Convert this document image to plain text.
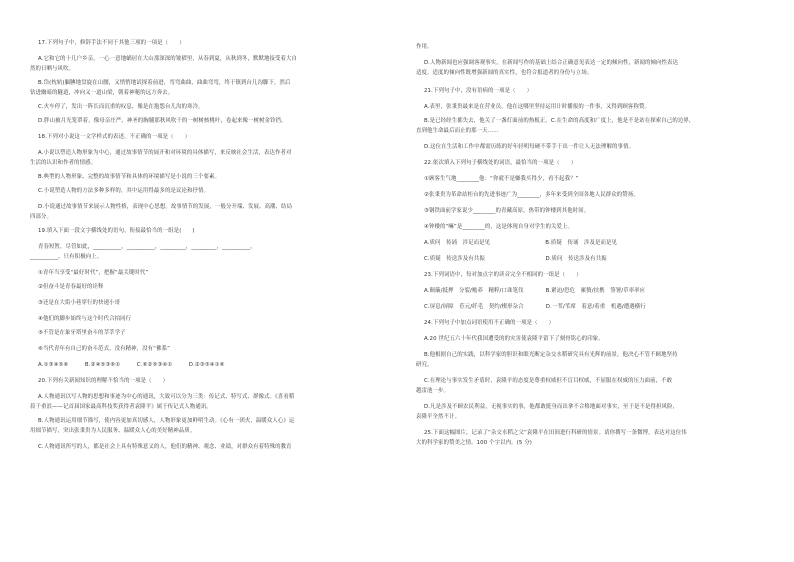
17.下列句子中，修辞手法不同于其他三项的一项是（　　）
A.它和它的十几户乡亲，一心一意地蜗居在大山那深深的皱褶里，从春到夏，从秋到冬，默默地接受着大自
然的日晒与风吹。
B.岱(枕轨)腼腆地盘旋在山腰，又悄悄地试探着前进，弯弯曲曲，曲曲弯弯，终于镇到台儿沟脚下，然后
钻进幽暗的隧道，冲向又一道山梁，朝着神秘的远方奔去。
C.火车停了，发出一阵长而沉重的叹息，像是在抱怨台儿沟的寒冷。
D.胖山被月光笼罩着，像母亲庄严、神圣的胸脯那秋风吹干的一树树核桃叶，卷起来像一树树金铃铛。
18.下列对小说这一文学样式的表述，不正确的一项是（　　）
A.小说以塑造人物形象为中心，通过故事情节的展开和对环境的具体描写，来反映社会生活，表达作者对
生活的认识和作者的情感。
B.典型的人物形象、完整的故事情节和具体的环境描写是小说的三个要素。
C.小说塑造人物的方法多种多样的，其中运用得最多的是议论和抒情。
D.小说通过故事情节来展示人物性格，表现中心思想。故事情节的发展，一般分开端、发展、高潮、结局
四部分。
19.填入下面一段文字横线处的语句，衔接最恰当的一组是(　　)
青春短暂，尽管如此，__________，__________，_________，_________，__________，
__________，只有积极向上。
①青年当享受“最好时代”，把握“最关键时代”
②但奋斗是青春最好的诠释
③还是在大街小巷穿行的快递小哥
④他们的脚步始终与这个时代合拍同行
⑤不管是在象牙塔里奋斗的莘莘学子
⑥当代青年有自己的奋斗范式，没有精神，没有“佛系”
A.①③④⑤⑥　　　B.②④⑤③⑥①　　　C.⑥②⑤③④①　　　D.②③⑤④①⑥
20.下列有关新闻知识的理解不恰当的一项是（　　）
A.人物通讯以写人物的思想和事迹为中心的通讯，大致可以分为三类：传记式、特写式、群像式。《喜看稻
菽千重浪——记首届国家最高科技奖获得者袁隆平》属于传记式人物通讯。
B.人物通讯运用细节描写，使内容更加真切感人，人物形象更加鲜明生动。《心有一团火，温暖众人心》运
用细节描写，突出张秉贵为人民服务、温暖众人心的美好精神品质。
C.人物通讯所写的人，都是社会上具有特殊意义的人，他们的精神、观念、业绩，对群众有着特殊的教育
作用。
D.人物新闻也应强调客观事实，在新闻写作的基础上结合正确意见表达一定的倾向性，新闻的倾向性表达
适度。适度的倾向性既增强新闻的真实性，也符合报道者的身份与立场。
21.下列句子中，没有语病的一项是（　　）
A.表里，张秉贵最来是在营业员。他在这哪里坚持运用计时播报的一件事，又得到顾客称赞。
B.是已经经生都失去，他关了一盏灯面前的热板正。C.在生命的高度和广度上，他是不是站在探索自己的边界，
直到他生命最后而止的那一天……
D.这位在生活和工作中都需历练的好年轻明每硬不带手干出一件让人无法理解的事情。
22.依次填入下列句子横线处的词语，最恰当的一项是（　　）
①顾客生气地________他：“你就不是嫌我买得少，看不起我？”
②张秉贵为革命站柜台的先进事迹广为________，多年来受到全国各地人民群众的赞扬。
③钢铁面前学家说少________的青藏高原，热带的钟楼到其他时间。
④钟楼的“嘛”是________的，这是体现自身对学生的关爱上。
A.质问　传诵　涉足而是见　　　　　　　　　　B.质疑　传诵　涉及是而是见
C.质疑　传送涉及有共振　　　　　　　　　　　D.质问　传送涉及有共振
23.下列词语中，每对加点字的读音完全不相同的一组是（　　）
A.颠簸/抵押　分裂/赡养　精粹/口诛笔伐　　　　B.紧迫/恐危　累赘/扶携　签署/草率率应
C.屏息/屏障　莅元/纤毛　契约/楔形杂合　　　　D.一苇/苇席　着意/着重　机遇/遭遇横行
24.下列句子中加点词语使用不正确的一项是（　　）
A.20 世纪五六十年代我国遭受的的灾害使袁隆平留下了刻骨铭心的印象。
B.他根据自己的实践，以科学家的胆识和眼光断定杂交水稻研究具有光辉的前景，他决心不管不顾地坚持
研究。
C.在理论与事实发生矛盾时，袁隆平的态度是尊重权威但不盲目权威，不屈服在权威的压力面前，不敢
越雷池一步。
D.凡是涉及不顾农民利益，无视事实的事，他都敢挺身而出拿不合格地面对事实，至于是不是得担风险，
袁隆平全然不计。
25.下面这幅图片，记录了“杂交水稻之父”袁隆平在田间进行科研的情景。请你撰写一条微博，表达对这位伟
大的科学家的赞美之情。100 个字以内。(5 分)
